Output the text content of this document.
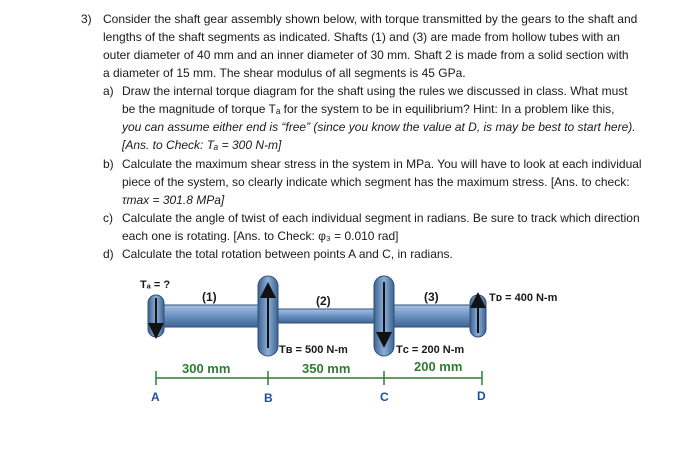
3) Consider the shaft gear assembly shown below, with torque transmitted by the gears to the shaft and
lengths of the shaft segments as indicated. Shafts (1) and (3) are made from hollow tubes with an
outer diameter of 40 mm and an inner diameter of 30 mm. Shaft 2 is made from a solid section with
a diameter of 15 mm. The shear modulus of all segments is 45 GPa.
a) Draw the internal torque diagram for the shaft using the rules we discussed in class. What must
be the magnitude of torque Tₐ for the system to be in equilibrium? Hint: In a problem like this,
you can assume either end is “free” (since you know the value at D, is may be best to start here).
[Ans. to Check: Tₐ = 300 N-m]
b) Calculate the maximum shear stress in the system in MPa. You will have to look at each individual
piece of the system, so clearly indicate which segment has the maximum stress. [Ans. to check:
τmax = 301.8 MPa]
c) Calculate the angle of twist of each individual segment in radians. Be sure to track which direction
each one is rotating. [Ans. to Check: φ₃ = 0.010 rad]
d) Calculate the total rotation between points A and C, in radians.
Tₐ = ?
Tʙ = 500 N-m	Tᴄ = 200 N-m
Tᴅ = 400 N-m
(1)	(2)	(3)
300 mm	350 mm	200 mm
A	B	C	D
